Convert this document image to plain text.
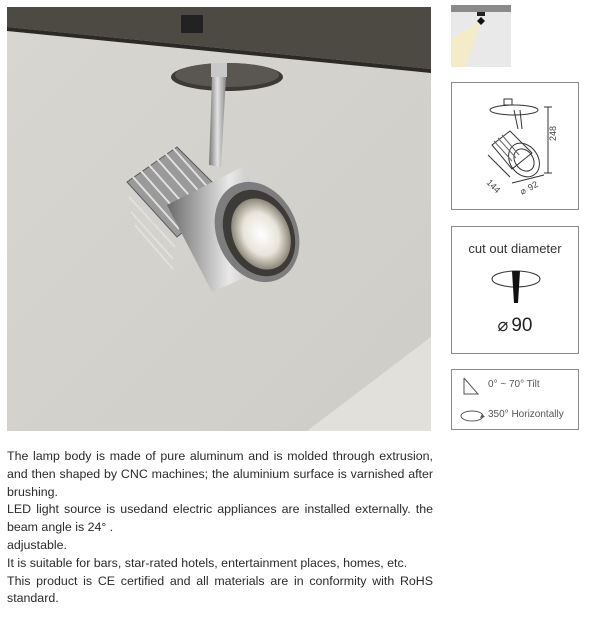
248
144 ⌀
92
cut out diameter
⌀ 90
0° ~ 70° Tilt
350° Horizontally

The lamp body is made of pure aluminum and is molded through extrusion, and then shaped by CNC machines; the aluminium surface is varnished after brushing.

LED light source is usedand electric appliances are installed externally. the beam angle is 24° .

adjustable.

It is suitable for bars, star-rated hotels, entertainment places, homes, etc.

This product is CE certified and all materials are in conformity with RoHS standard.
